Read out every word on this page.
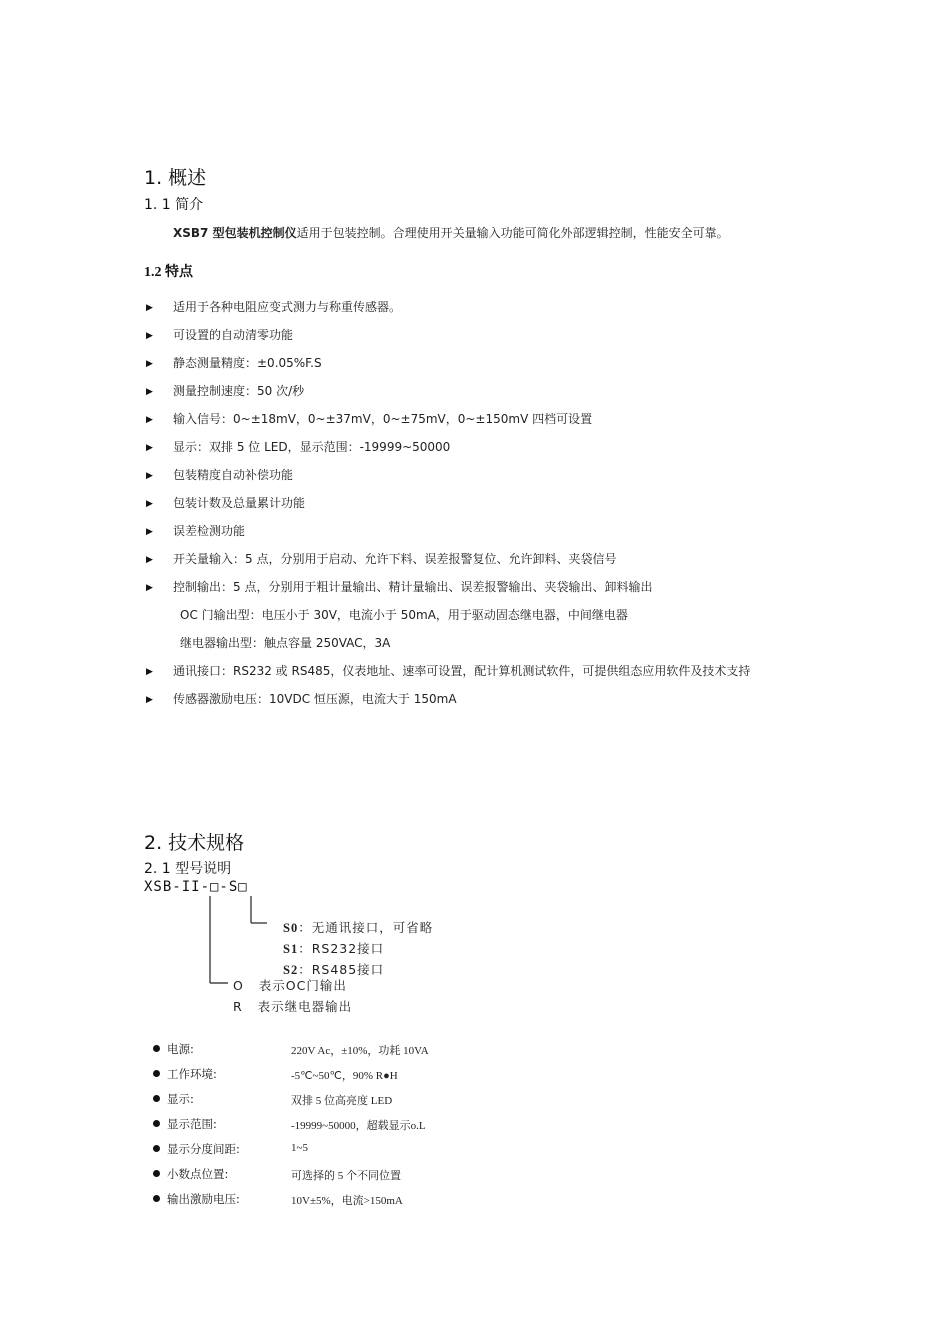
1. 概述
1. 1 简介
XSB7 型包装机控制仪适用于包装控制。合理使用开关量输入功能可简化外部逻辑控制，性能安全可靠。
1.2 特点
▶ 适用于各种电阻应变式测力与称重传感器。
▶ 可设置的自动清零功能
▶ 静态测量精度：±0.05%F.S
▶ 测量控制速度：50 次/秒
▶ 输入信号：0~±18mV，0~±37mV，0~±75mV，0~±150mV 四档可设置
▶ 显示：双排 5 位 LED，显示范围：-19999~50000
▶ 包装精度自动补偿功能
▶ 包装计数及总量累计功能
▶ 误差检测功能
▶ 开关量输入：5 点，分别用于启动、允许下料、误差报警复位、允许卸料、夹袋信号
▶ 控制输出：5 点，分别用于粗计量输出、精计量输出、误差报警输出、夹袋输出、卸料输出
OC 门输出型：电压小于 30V，电流小于 50mA，用于驱动固态继电器，中间继电器
继电器输出型：触点容量 250VAC，3A
▶ 通讯接口：RS232 或 RS485，仪表地址、速率可设置，配计算机测试软件，可提供组态应用软件及技术支持
▶ 传感器激励电压：10VDC 恒压源，电流大于 150mA
2. 技术规格
2. 1 型号说明
XSB-II-□-S□
S0：无通讯接口，可省略
S1：RS232接口
S2：RS485接口
O 表示OC门输出
R 表示继电器输出
电源:	220V Ac，±10%，功耗 10VA
工作环境:	-5℃~50℃，90% R●H
显示:	双排 5 位高亮度 LED
显示范围:	-19999~50000，超载显示o.L
显示分度间距:	1~5
小数点位置:	可选择的 5 个不同位置
输出激励电压:	10V±5%，电流>150mA
